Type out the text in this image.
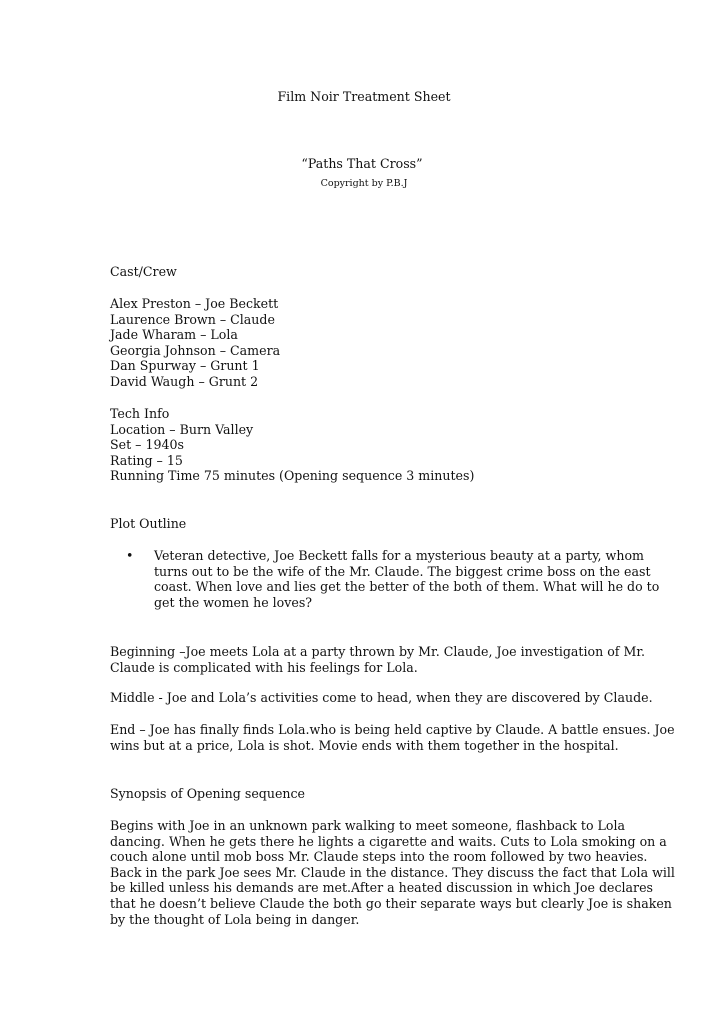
Film Noir Treatment Sheet
“Paths That Cross”
Copyright by P.B.J
Cast/Crew
Alex Preston – Joe Beckett
Laurence Brown – Claude
Jade Wharam – Lola
Georgia Johnson – Camera
Dan Spurway – Grunt 1
David Waugh – Grunt 2
Tech Info
Location – Burn Valley
Set – 1940s
Rating – 15
Running Time 75 minutes (Opening sequence 3 minutes)
Plot Outline
• Veteran detective, Joe Beckett falls for a mysterious beauty at a party, whom
turns out to be the wife of the Mr. Claude. The biggest crime boss on the east
coast. When love and lies get the better of the both of them. What will he do to
get the women he loves?
Beginning –Joe meets Lola at a party thrown by Mr. Claude, Joe investigation of Mr.
Claude is complicated with his feelings for Lola.
Middle - Joe and Lola’s activities come to head, when they are discovered by Claude.
End – Joe has finally finds Lola.who is being held captive by Claude. A battle ensues. Joe
wins but at a price, Lola is shot. Movie ends with them together in the hospital.
Synopsis of Opening sequence
Begins with Joe in an unknown park walking to meet someone, flashback to Lola
dancing. When he gets there he lights a cigarette and waits. Cuts to Lola smoking on a
couch alone until mob boss Mr. Claude steps into the room followed by two heavies.
Back in the park Joe sees Mr. Claude in the distance. They discuss the fact that Lola will
be killed unless his demands are met.After a heated discussion in which Joe declares
that he doesn’t believe Claude the both go their separate ways but clearly Joe is shaken
by the thought of Lola being in danger.
